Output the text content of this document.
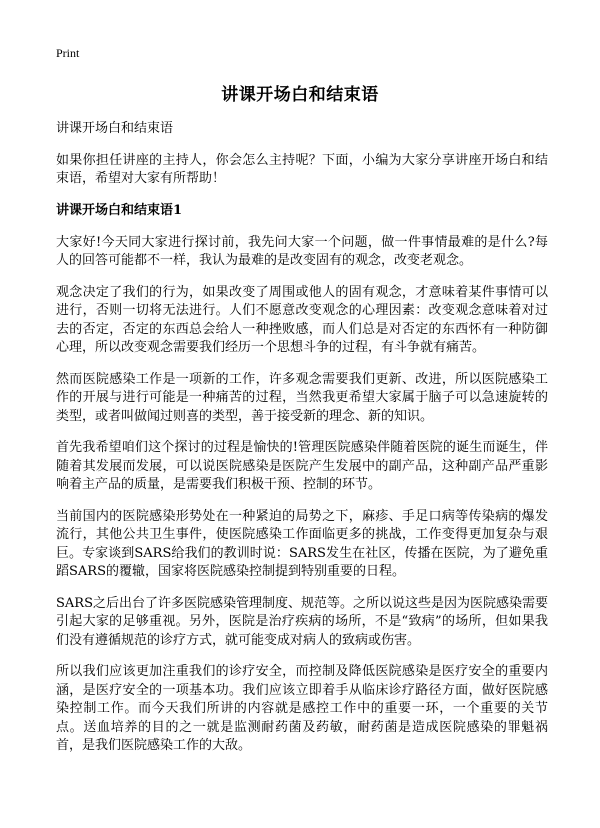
Print
讲课开场白和结束语
讲课开场白和结束语
如果你担任讲座的主持人，你会怎么主持呢？下面，小编为大家分享讲座开场白和结束语，希望对大家有所帮助！
讲课开场白和结束语1
大家好!今天同大家进行探讨前，我先问大家一个问题，做一件事情最难的是什么?每人的回答可能都不一样，我认为最难的是改变固有的观念，改变老观念。
观念决定了我们的行为，如果改变了周围或他人的固有观念，才意味着某件事情可以进行，否则一切将无法进行。人们不愿意改变观念的心理因素：改变观念意味着对过去的否定，否定的东西总会给人一种挫败感，而人们总是对否定的东西怀有一种防御心理，所以改变观念需要我们经历一个思想斗争的过程，有斗争就有痛苦。
然而医院感染工作是一项新的工作，许多观念需要我们更新、改进，所以医院感染工作的开展与进行可能是一种痛苦的过程，当然我更希望大家属于脑子可以急速旋转的类型，或者叫做闻过则喜的类型，善于接受新的理念、新的知识。
首先我希望咱们这个探讨的过程是愉快的!管理医院感染伴随着医院的诞生而诞生，伴随着其发展而发展，可以说医院感染是医院产生发展中的副产品，这种副产品严重影响着主产品的质量，是需要我们积极干预、控制的环节。
当前国内的医院感染形势处在一种紧迫的局势之下，麻疹、手足口病等传染病的爆发流行，其他公共卫生事件，使医院感染工作面临更多的挑战，工作变得更加复杂与艰巨。专家谈到SARS给我们的教训时说：SARS发生在社区，传播在医院，为了避免重蹈SARS的覆辙，国家将医院感染控制提到特别重要的日程。
SARS之后出台了许多医院感染管理制度、规范等。之所以说这些是因为医院感染需要引起大家的足够重视。另外，医院是治疗疾病的场所，不是“致病”的场所，但如果我们没有遵循规范的诊疗方式，就可能变成对病人的致病或伤害。
所以我们应该更加注重我们的诊疗安全，而控制及降低医院感染是医疗安全的重要内涵，是医疗安全的一项基本功。我们应该立即着手从临床诊疗路径方面，做好医院感染控制工作。而今天我们所讲的内容就是感控工作中的重要一环，一个重要的关节点。送血培养的目的之一就是监测耐药菌及药敏，耐药菌是造成医院感染的罪魁祸首，是我们医院感染工作的大敌。
